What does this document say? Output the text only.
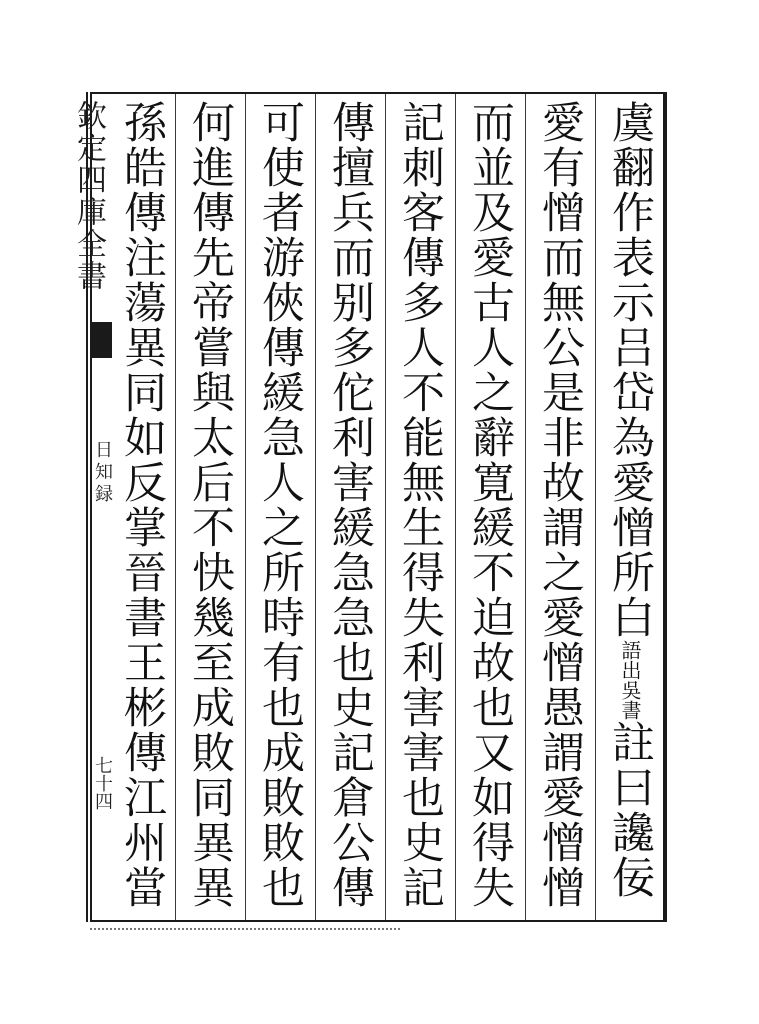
欽定四庫全書
日知録
七十四
虞翻作表示吕岱為愛憎所白語出吳書註曰讒佞
愛有憎而無公是非故謂之愛憎愚謂愛憎憎
而並及愛古人之辭寛緩不迫故也又如得失
記刺客傳多人不能無生得失利害害也史記
傳擅兵而别多佗利害緩急急也史記倉公傳
可使者游俠傳緩急人之所時有也成敗敗也
何進傳先帝嘗與太后不快幾至成敗同異異
孫皓傳注蕩異同如反掌晉書王彬傳江州當
